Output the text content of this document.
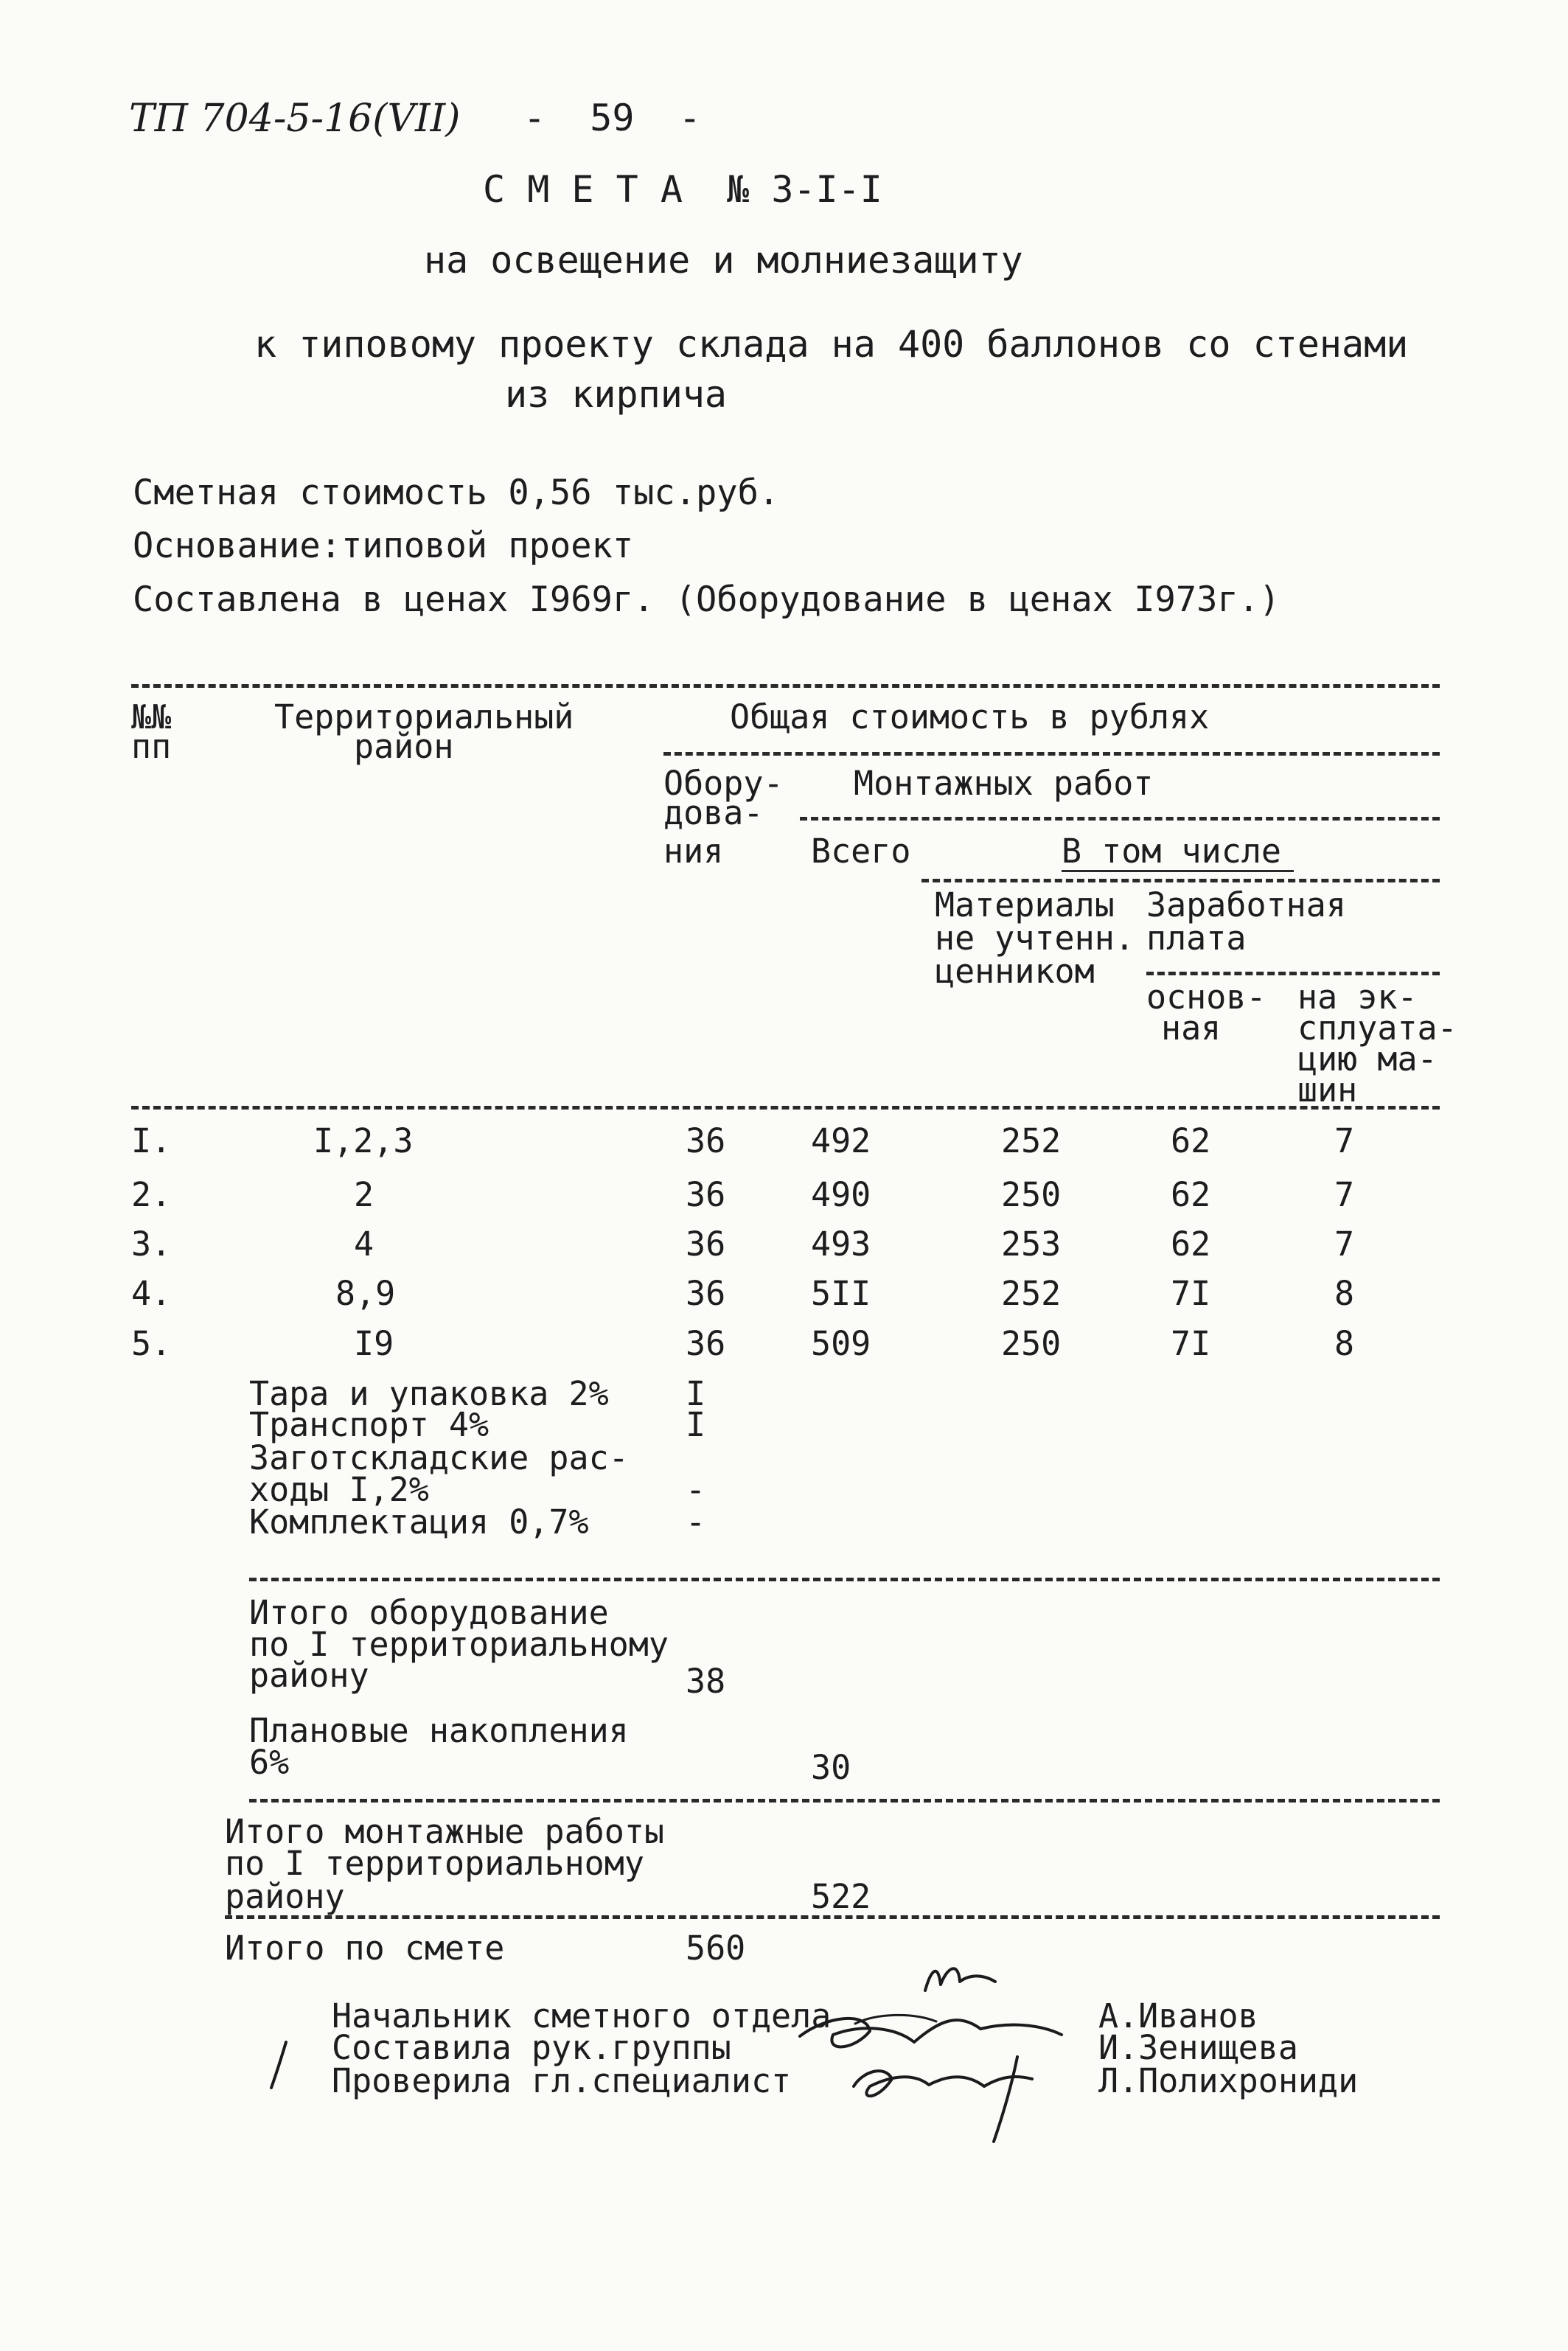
ТП 704-5-16(VII) -  59  -
С М Е Т А  № 3-I-I
на освещение и молниезащиту
к типовому проекту склада на 400 баллонов со стенами
из кирпича
Сметная стоимость 0,56 тыс.руб.
Основание:типовой проект
Составлена в ценах I969г. (Оборудование в ценах I973г.)
№№
пп
Территориальный
район
Общая стоимость в рублях
Обору-
дова-
ния
Монтажных работ
Всего	В том числе
Материалы
не учтенн.
ценником
Заработная
плата
основ-
ная
на эк-
сплуата-
цию ма-
шин
I.	I,2,3	36	492	252	62	7
2.	2	36	490	250	62	7
3.	4	36	493	253	62	7
4.	8,9	36	5II	252	7I	8
5.	I9	36	509	250	7I	8
Тара и упаковка 2% I
Транспорт 4%	I
Заготскладские рас-
ходы I,2%	-
Комплектация 0,7%	-
Итого оборудование
по I территориальному
району	38
Плановые накопления
6%	30
Итого монтажные работы
по I территориальному
району	522
Итого по смете	560
Начальник сметного отдела	А.Иванов
Составила рук.группы	И.Зенищева
Проверила гл.специалист	Л.Полихрониди
